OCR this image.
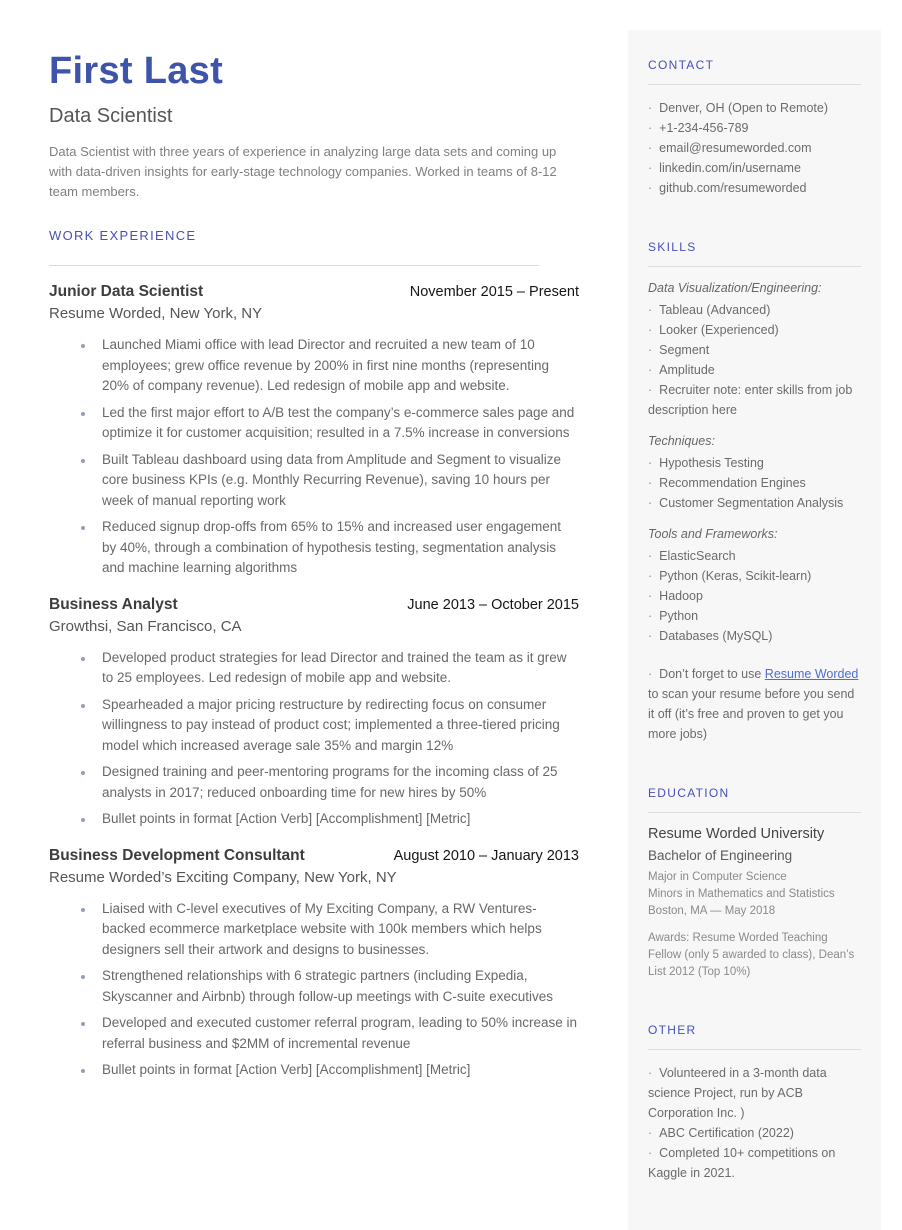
First Last
Data Scientist

Data Scientist with three years of experience in analyzing large data sets and coming up with data-driven insights for early-stage technology companies. Worked in teams of 8-12 team members.

WORK EXPERIENCE
Junior Data Scientist	November 2015 – Present
Resume Worded, New York, NY
• Launched Miami office with lead Director and recruited a new team of 10 employees; grew office revenue by 200% in first nine months (representing 20% of company revenue). Led redesign of mobile app and website.
• Led the first major effort to A/B test the company’s e-commerce sales page and optimize it for customer acquisition; resulted in a 7.5% increase in conversions
• Built Tableau dashboard using data from Amplitude and Segment to visualize core business KPIs (e.g. Monthly Recurring Revenue), saving 10 hours per week of manual reporting work
• Reduced signup drop-offs from 65% to 15% and increased user engagement by 40%, through a combination of hypothesis testing, segmentation analysis and machine learning algorithms
Business Analyst	June 2013 – October 2015
Growthsi, San Francisco, CA
• Developed product strategies for lead Director and trained the team as it grew to 25 employees. Led redesign of mobile app and website.
• Spearheaded a major pricing restructure by redirecting focus on consumer willingness to pay instead of product cost; implemented a three-tiered pricing model which increased average sale 35% and margin 12%
• Designed training and peer-mentoring programs for the incoming class of 25 analysts in 2017; reduced onboarding time for new hires by 50%
• Bullet points in format [Action Verb] [Accomplishment] [Metric]
Business Development Consultant	August 2010 – January 2013
Resume Worded’s Exciting Company, New York, NY
• Liaised with C-level executives of My Exciting Company, a RW Ventures-backed ecommerce marketplace website with 100k members which helps designers sell their artwork and designs to businesses.
• Strengthened relationships with 6 strategic partners (including Expedia, Skyscanner and Airbnb) through follow-up meetings with C-suite executives
• Developed and executed customer referral program, leading to 50% increase in referral business and $2MM of incremental revenue
• Bullet points in format [Action Verb] [Accomplishment] [Metric]
CONTACT
· Denver, OH (Open to Remote)
· +1-234-456-789
· email@resumeworded.com
· linkedin.com/in/username
· github.com/resumeworded
SKILLS
Data Visualization/Engineering:
· Tableau (Advanced)
· Looker (Experienced)
· Segment
· Amplitude
· Recruiter note: enter skills from job description here
Techniques:
· Hypothesis Testing
· Recommendation Engines
· Customer Segmentation Analysis
Tools and Frameworks:
· ElasticSearch
· Python (Keras, Scikit-learn)
· Hadoop
· Python
· Databases (MySQL)
· Don’t forget to use Resume Worded to scan your resume before you send it off (it’s free and proven to get you more jobs)
EDUCATION
Resume Worded University
Bachelor of Engineering
Major in Computer Science
Minors in Mathematics and Statistics
Boston, MA — May 2018
Awards: Resume Worded Teaching Fellow (only 5 awarded to class), Dean’s List 2012 (Top 10%)
OTHER
· Volunteered in a 3-month data science Project, run by ACB Corporation Inc. )
· ABC Certification (2022)
· Completed 10+ competitions on Kaggle in 2021.
